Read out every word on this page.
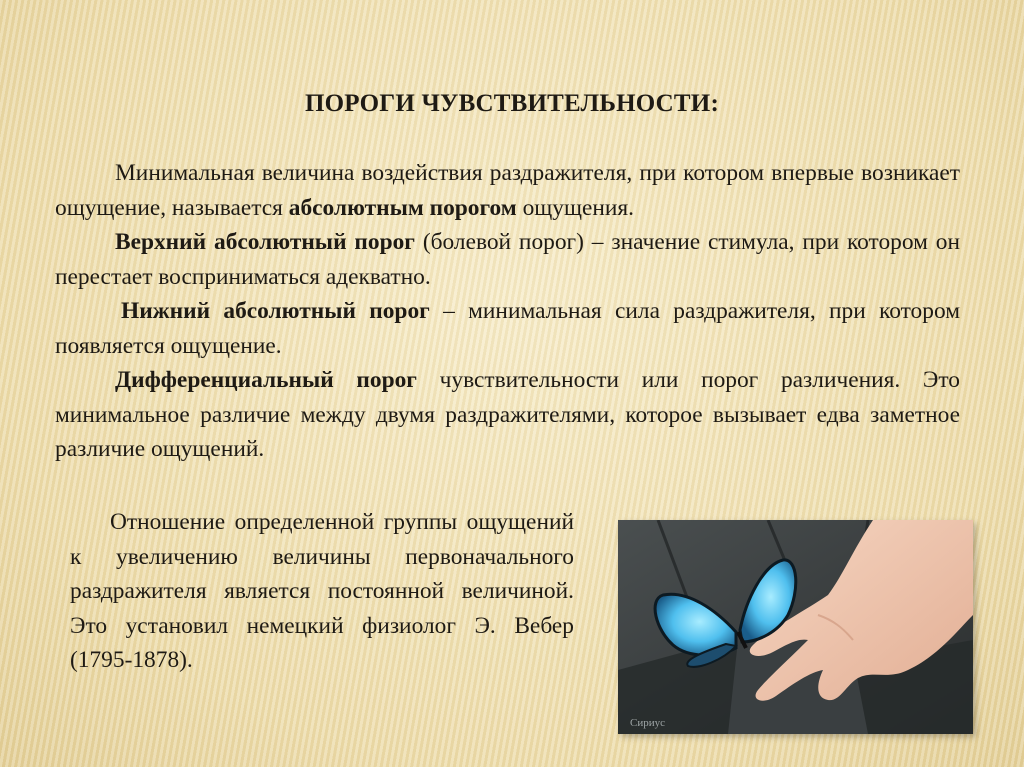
ПОРОГИ ЧУВСТВИТЕЛЬНОСТИ:

Минимальная величина воздействия раздражителя, при котором впервые возникает ощущение, называется абсолютным порогом ощущения.

Верхний абсолютный порог (болевой порог) – значение стимула, при котором он перестает восприниматься адекватно.

Нижний абсолютный порог – минимальная сила раздражителя, при котором появляется ощущение.

Дифференциальный порог чувствительности или порог различения. Это минимальное различие между двумя раздражителями, которое вызывает едва заметное различие ощущений.

Отношение определенной группы ощущений к увеличению величины первоначального раздражителя является постоянной величиной. Это установил немецкий физиолог Э. Вебер (1795-1878).

Сириус
